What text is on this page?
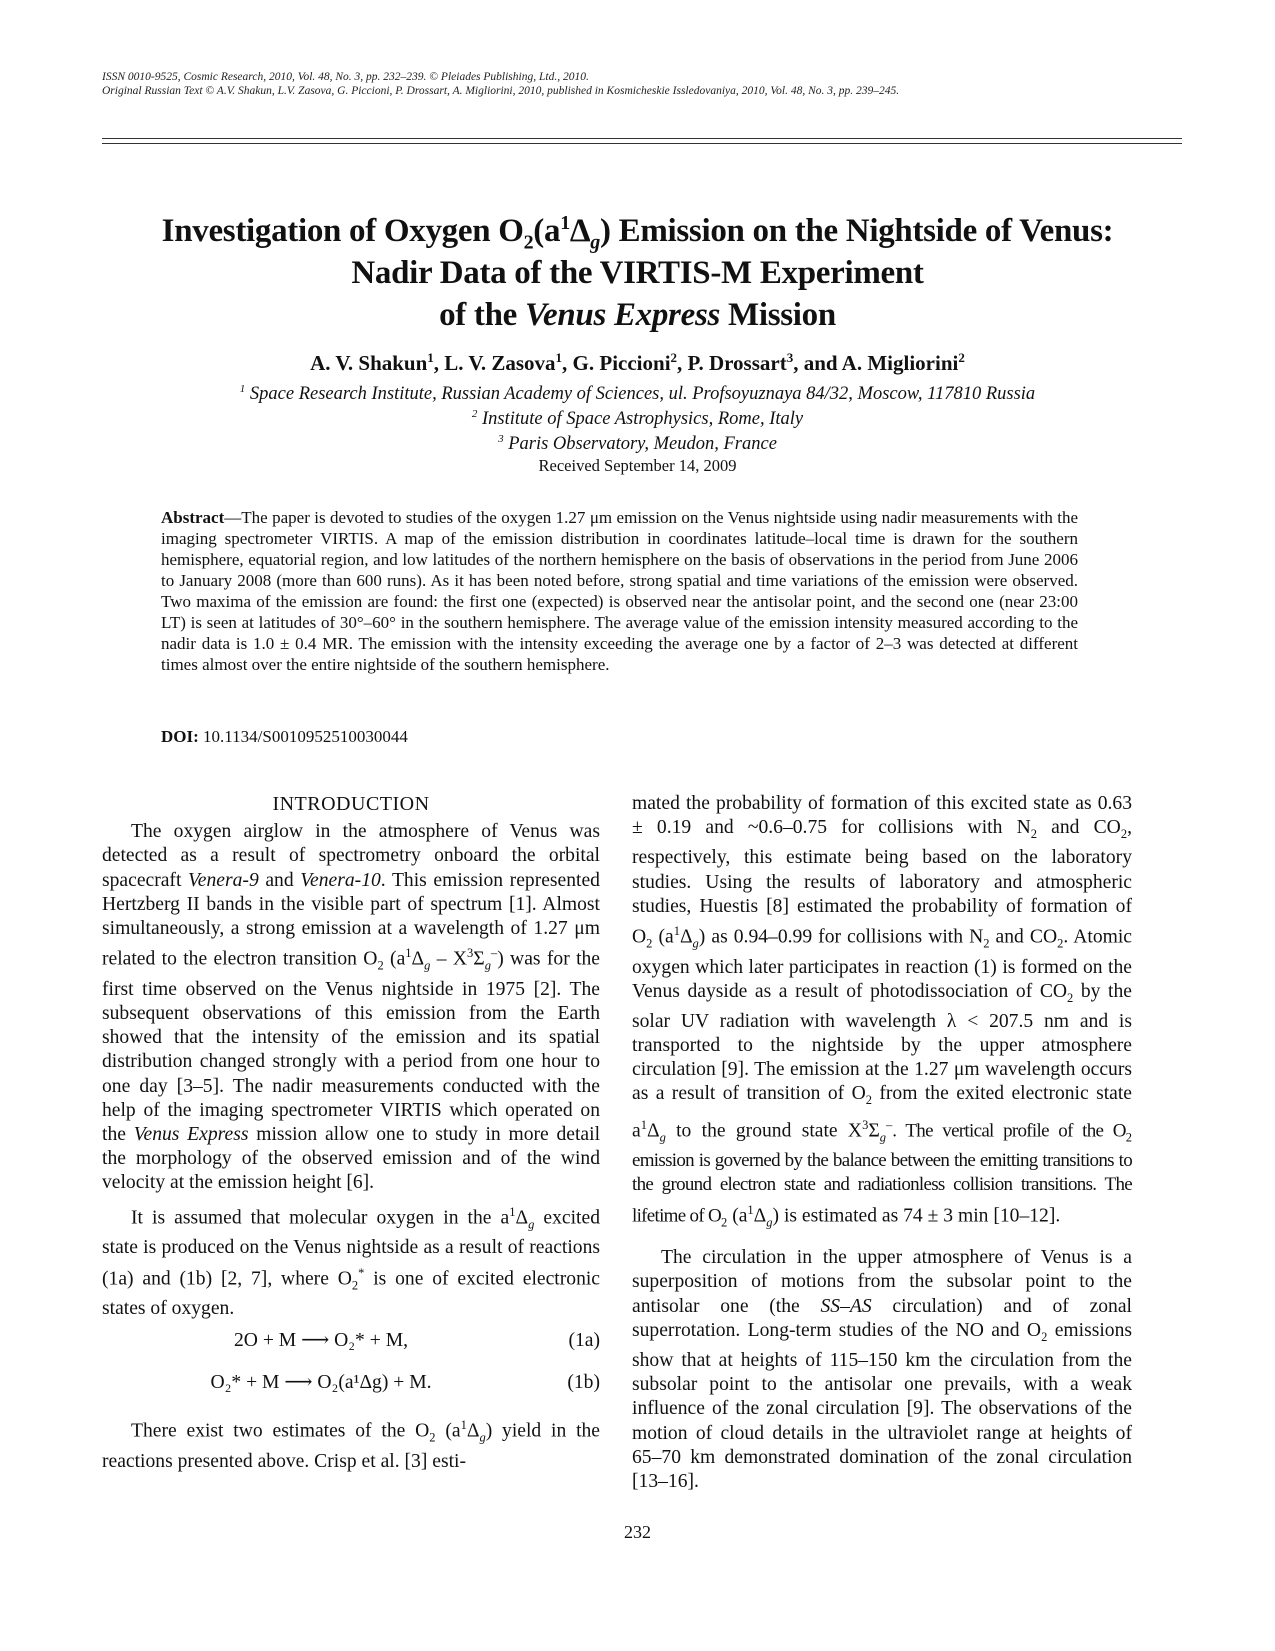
ISSN 0010-9525, Cosmic Research, 2010, Vol. 48, No. 3, pp. 232–239. © Pleiades Publishing, Ltd., 2010.
Original Russian Text © A.V. Shakun, L.V. Zasova, G. Piccioni, P. Drossart, A. Migliorini, 2010, published in Kosmicheskie Issledovaniya, 2010, Vol. 48, No. 3, pp. 239–245.
Investigation of Oxygen $O_2(a^1\Delta_g)$ Emission on the Nightside of Venus:
Nadir Data of the VIRTIS-M Experiment
of the Venus Express Mission
A. V. Shakun$^1$, L. V. Zasova$^1$, G. Piccioni$^2$, P. Drossart$^3$, and A. Migliorini$^2$
$^1$ Space Research Institute, Russian Academy of Sciences, ul. Profsoyuznaya 84/32, Moscow, 117810 Russia
$^2$ Institute of Space Astrophysics, Rome, Italy
$^3$ Paris Observatory, Meudon, France
Received September 14, 2009
Abstract—The paper is devoted to studies of the oxygen 1.27 μm emission on the Venus nightside using nadir measurements with the imaging spectrometer VIRTIS. A map of the emission distribution in coordinates latitude–local time is drawn for the southern hemisphere, equatorial region, and low latitudes of the northern hemisphere on the basis of observations in the period from June 2006 to January 2008 (more than 600 runs). As it has been noted before, strong spatial and time variations of the emission were observed. Two maxima of the emission are found: the first one (expected) is observed near the antisolar point, and the second one (near 23:00 LT) is seen at latitudes of 30°–60° in the southern hemisphere. The average value of the emission intensity measured according to the nadir data is 1.0 ± 0.4 MR. The emission with the intensity exceeding the average one by a factor of 2–3 was detected at different times almost over the entire nightside of the southern hemisphere.
DOI: 10.1134/S0010952510030044
INTRODUCTION

The oxygen airglow in the atmosphere of Venus was detected as a result of spectrometry onboard the orbital spacecraft Venera-9 and Venera-10. This emission represented Hertzberg II bands in the visible part of spectrum [1]. Almost simultaneously, a strong emission at a wavelength of 1.27 μm related to the electron transition $O_2$ $(a^1\Delta_g - X^3\Sigma_g^-)$ was for the first time observed on the Venus nightside in 1975 [2]. The subsequent observations of this emission from the Earth showed that the intensity of the emission and its spatial distribution changed strongly with a period from one hour to one day [3–5]. The nadir measurements conducted with the help of the imaging spectrometer VIRTIS which operated on the Venus Express mission allow one to study in more detail the morphology of the observed emission and of the wind velocity at the emission height [6].

It is assumed that molecular oxygen in the $a^1\Delta_g$ excited state is produced on the Venus nightside as a result of reactions (1a) and (1b) [2, 7], where $O_2^*$ is one of excited electronic states of oxygen.

2O + M ⟶ O₂* + M,	(1a)
O₂* + M ⟶ O₂(a¹Δg) + M.	(1b)

There exist two estimates of the $O_2$ $(a^1\Delta_g)$ yield in the reactions presented above. Crisp et al. [3] esti-

mated the probability of formation of this excited state as 0.63 ± 0.19 and ~0.6–0.75 for collisions with $N_2$ and $CO_2$, respectively, this estimate being based on the laboratory studies. Using the results of laboratory and atmospheric studies, Huestis [8] estimated the probability of formation of $O_2$ $(a^1\Delta_g)$ as 0.94–0.99 for collisions with $N_2$ and $CO_2$. Atomic oxygen which later participates in reaction (1) is formed on the Venus dayside as a result of photodissociation of $CO_2$ by the solar UV radiation with wavelength λ < 207.5 nm and is transported to the nightside by the upper atmosphere circulation [9]. The emission at the 1.27 μm wavelength occurs as a result of transition of $O_2$ from the exited electronic state $a^1\Delta_g$ to the ground state $X^3\Sigma_g^-$. The vertical profile of the $O_2$ emission is governed by the balance between the emitting transitions to the ground electron state and radiationless collision transitions. The lifetime of $O_2$ $(a^1\Delta_g)$ is estimated as 74 ± 3 min [10–12].

The circulation in the upper atmosphere of Venus is a superposition of motions from the subsolar point to the antisolar one (the SS–AS circulation) and of zonal superrotation. Long-term studies of the NO and $O_2$ emissions show that at heights of 115–150 km the circulation from the subsolar point to the antisolar one prevails, with a weak influence of the zonal circulation [9]. The observations of the motion of cloud details in the ultraviolet range at heights of 65–70 km demonstrated domination of the zonal circulation [13–16].

232
